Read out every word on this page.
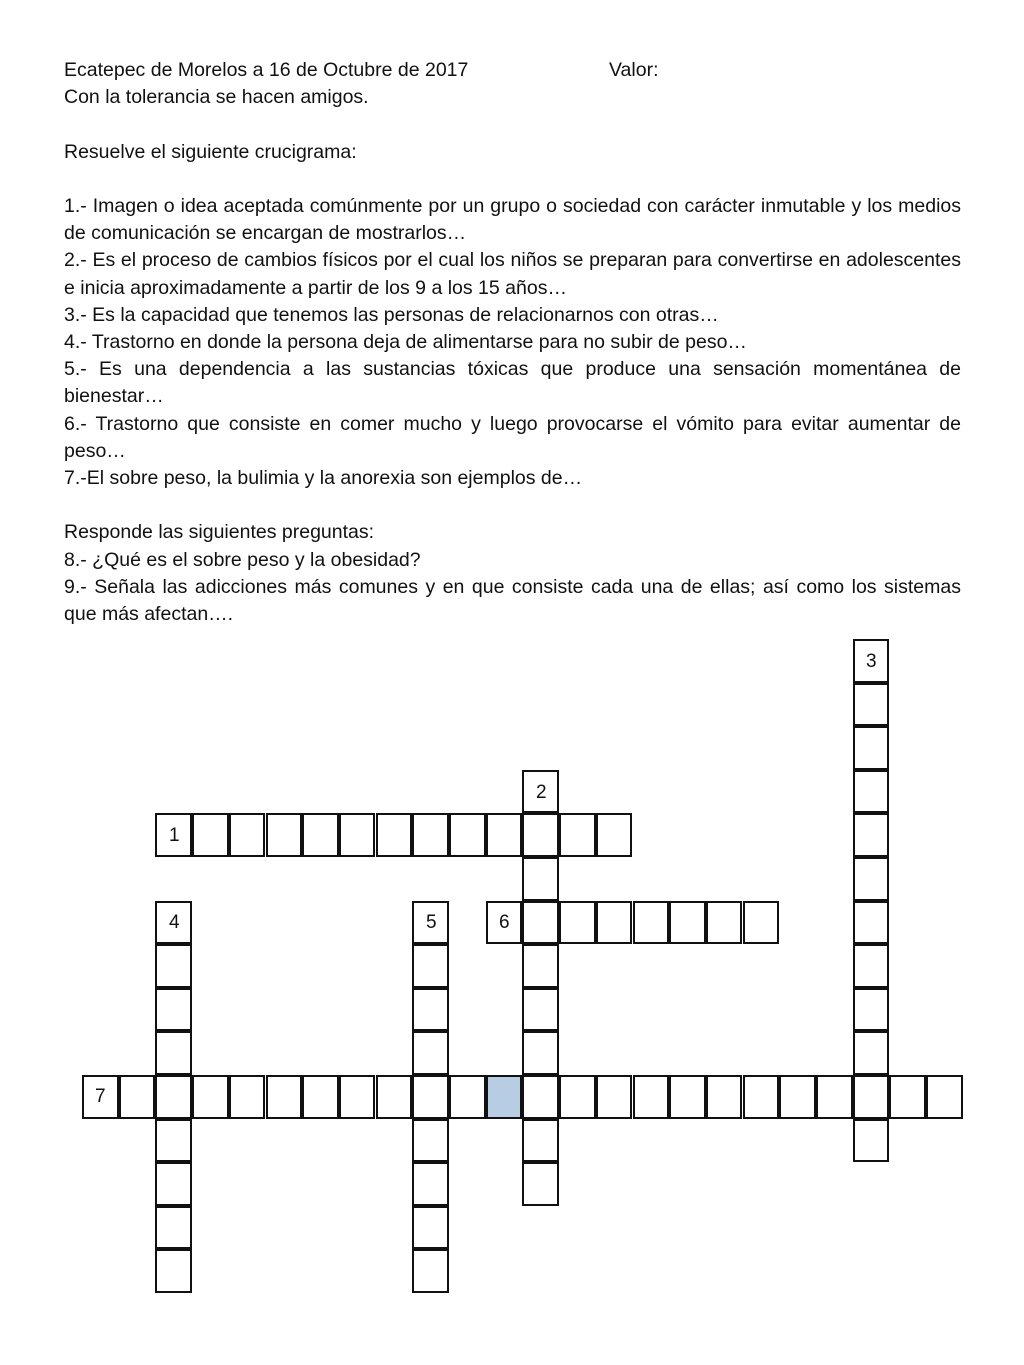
Ecatepec de Morelos a 16 de Octubre de 2017	Valor:

Con la tolerancia se hacen amigos.

Resuelve el siguiente crucigrama:

1.- Imagen o idea aceptada comúnmente por un grupo o sociedad con carácter inmutable y los medios de comunicación se encargan de mostrarlos…

2.- Es el proceso de cambios físicos por el cual los niños se preparan para convertirse en adolescentes e inicia aproximadamente a partir de los 9 a los 15 años…

3.- Es la capacidad que tenemos las personas de relacionarnos con otras…

4.- Trastorno en donde la persona deja de alimentarse para no subir de peso…

5.- Es una dependencia a las sustancias tóxicas que produce una sensación momentánea de bienestar…

6.- Trastorno que consiste en comer mucho y luego provocarse el vómito para evitar aumentar de peso…

7.-El sobre peso, la bulimia y la anorexia son ejemplos de…

Responde las siguientes preguntas:

8.- ¿Qué es el sobre peso y la obesidad?

9.- Señala las adicciones más comunes y en que consiste cada una de ellas; así como los sistemas que más afectan….

1
2
3
4	5	6
7
